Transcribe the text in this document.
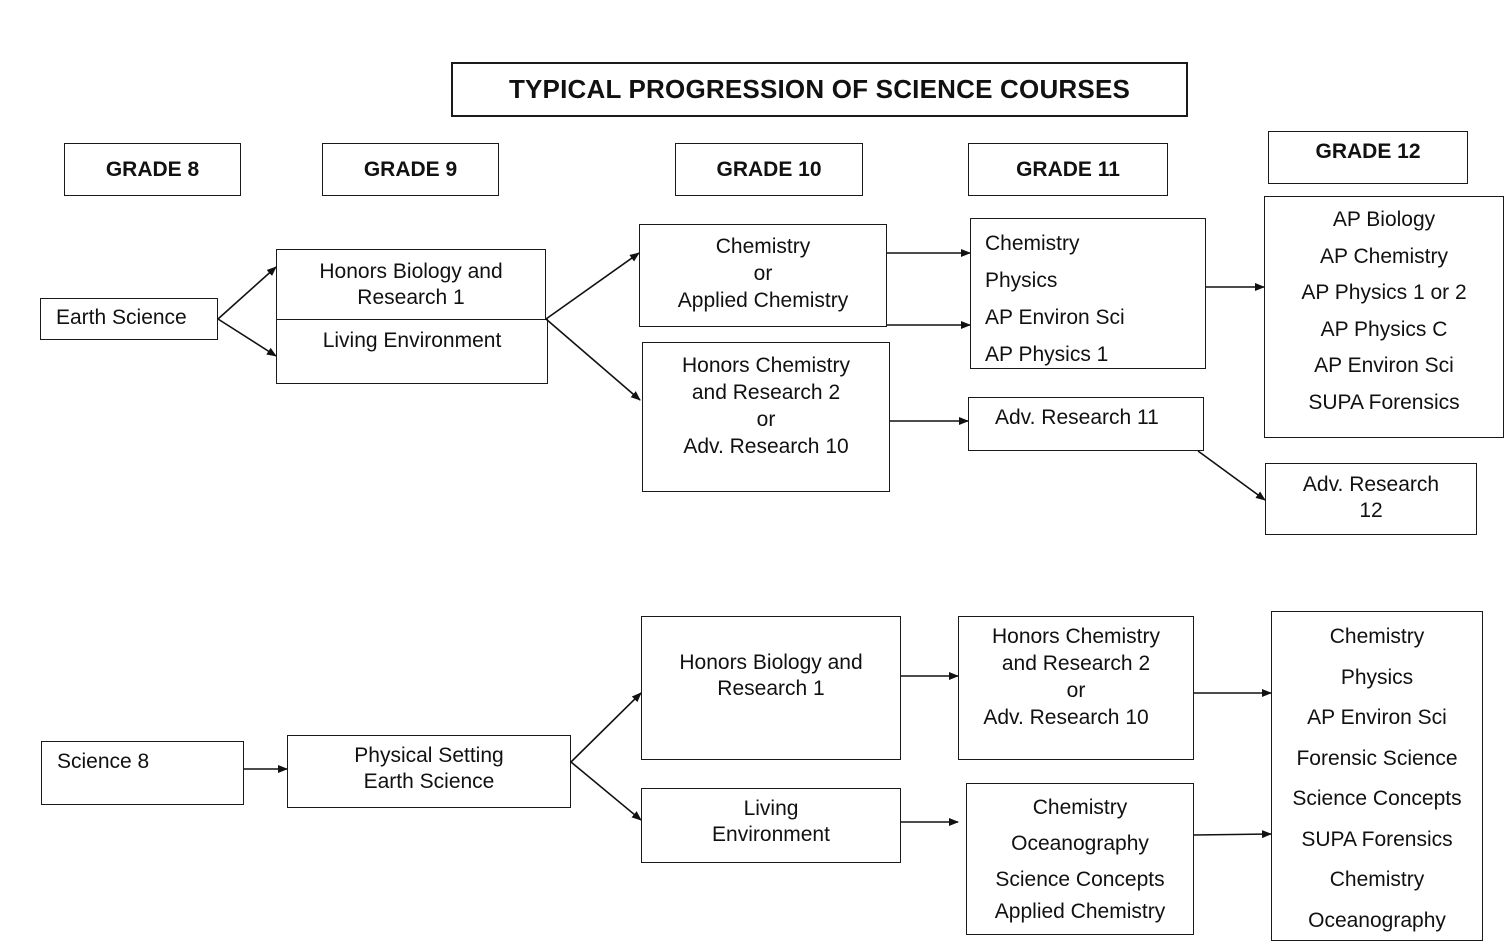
TYPICAL PROGRESSION OF SCIENCE COURSES
GRADE 8	GRADE 9	GRADE 10	GRADE 11
GRADE 12
Earth Science
Honors Biology and
Research 1
Living Environment
Chemistry
or
Applied Chemistry
Honors Chemistry
and Research 2
or
Adv. Research 10
Chemistry
Physics
AP Environ Sci
AP Physics 1
Adv. Research 11
AP Biology
AP Chemistry
AP Physics 1 or 2
AP Physics C
AP Environ Sci
SUPA Forensics
Adv. Research
12
Science 8	Physical Setting
Earth Science
Honors Biology and
Research 1
Living
Environment
Honors Chemistry
and Research 2
or
Adv. Research 10
Chemistry
Oceanography
Science Concepts
Applied Chemistry
Chemistry
Physics
AP Environ Sci
Forensic Science
Science Concepts
SUPA Forensics
Chemistry
Oceanography
